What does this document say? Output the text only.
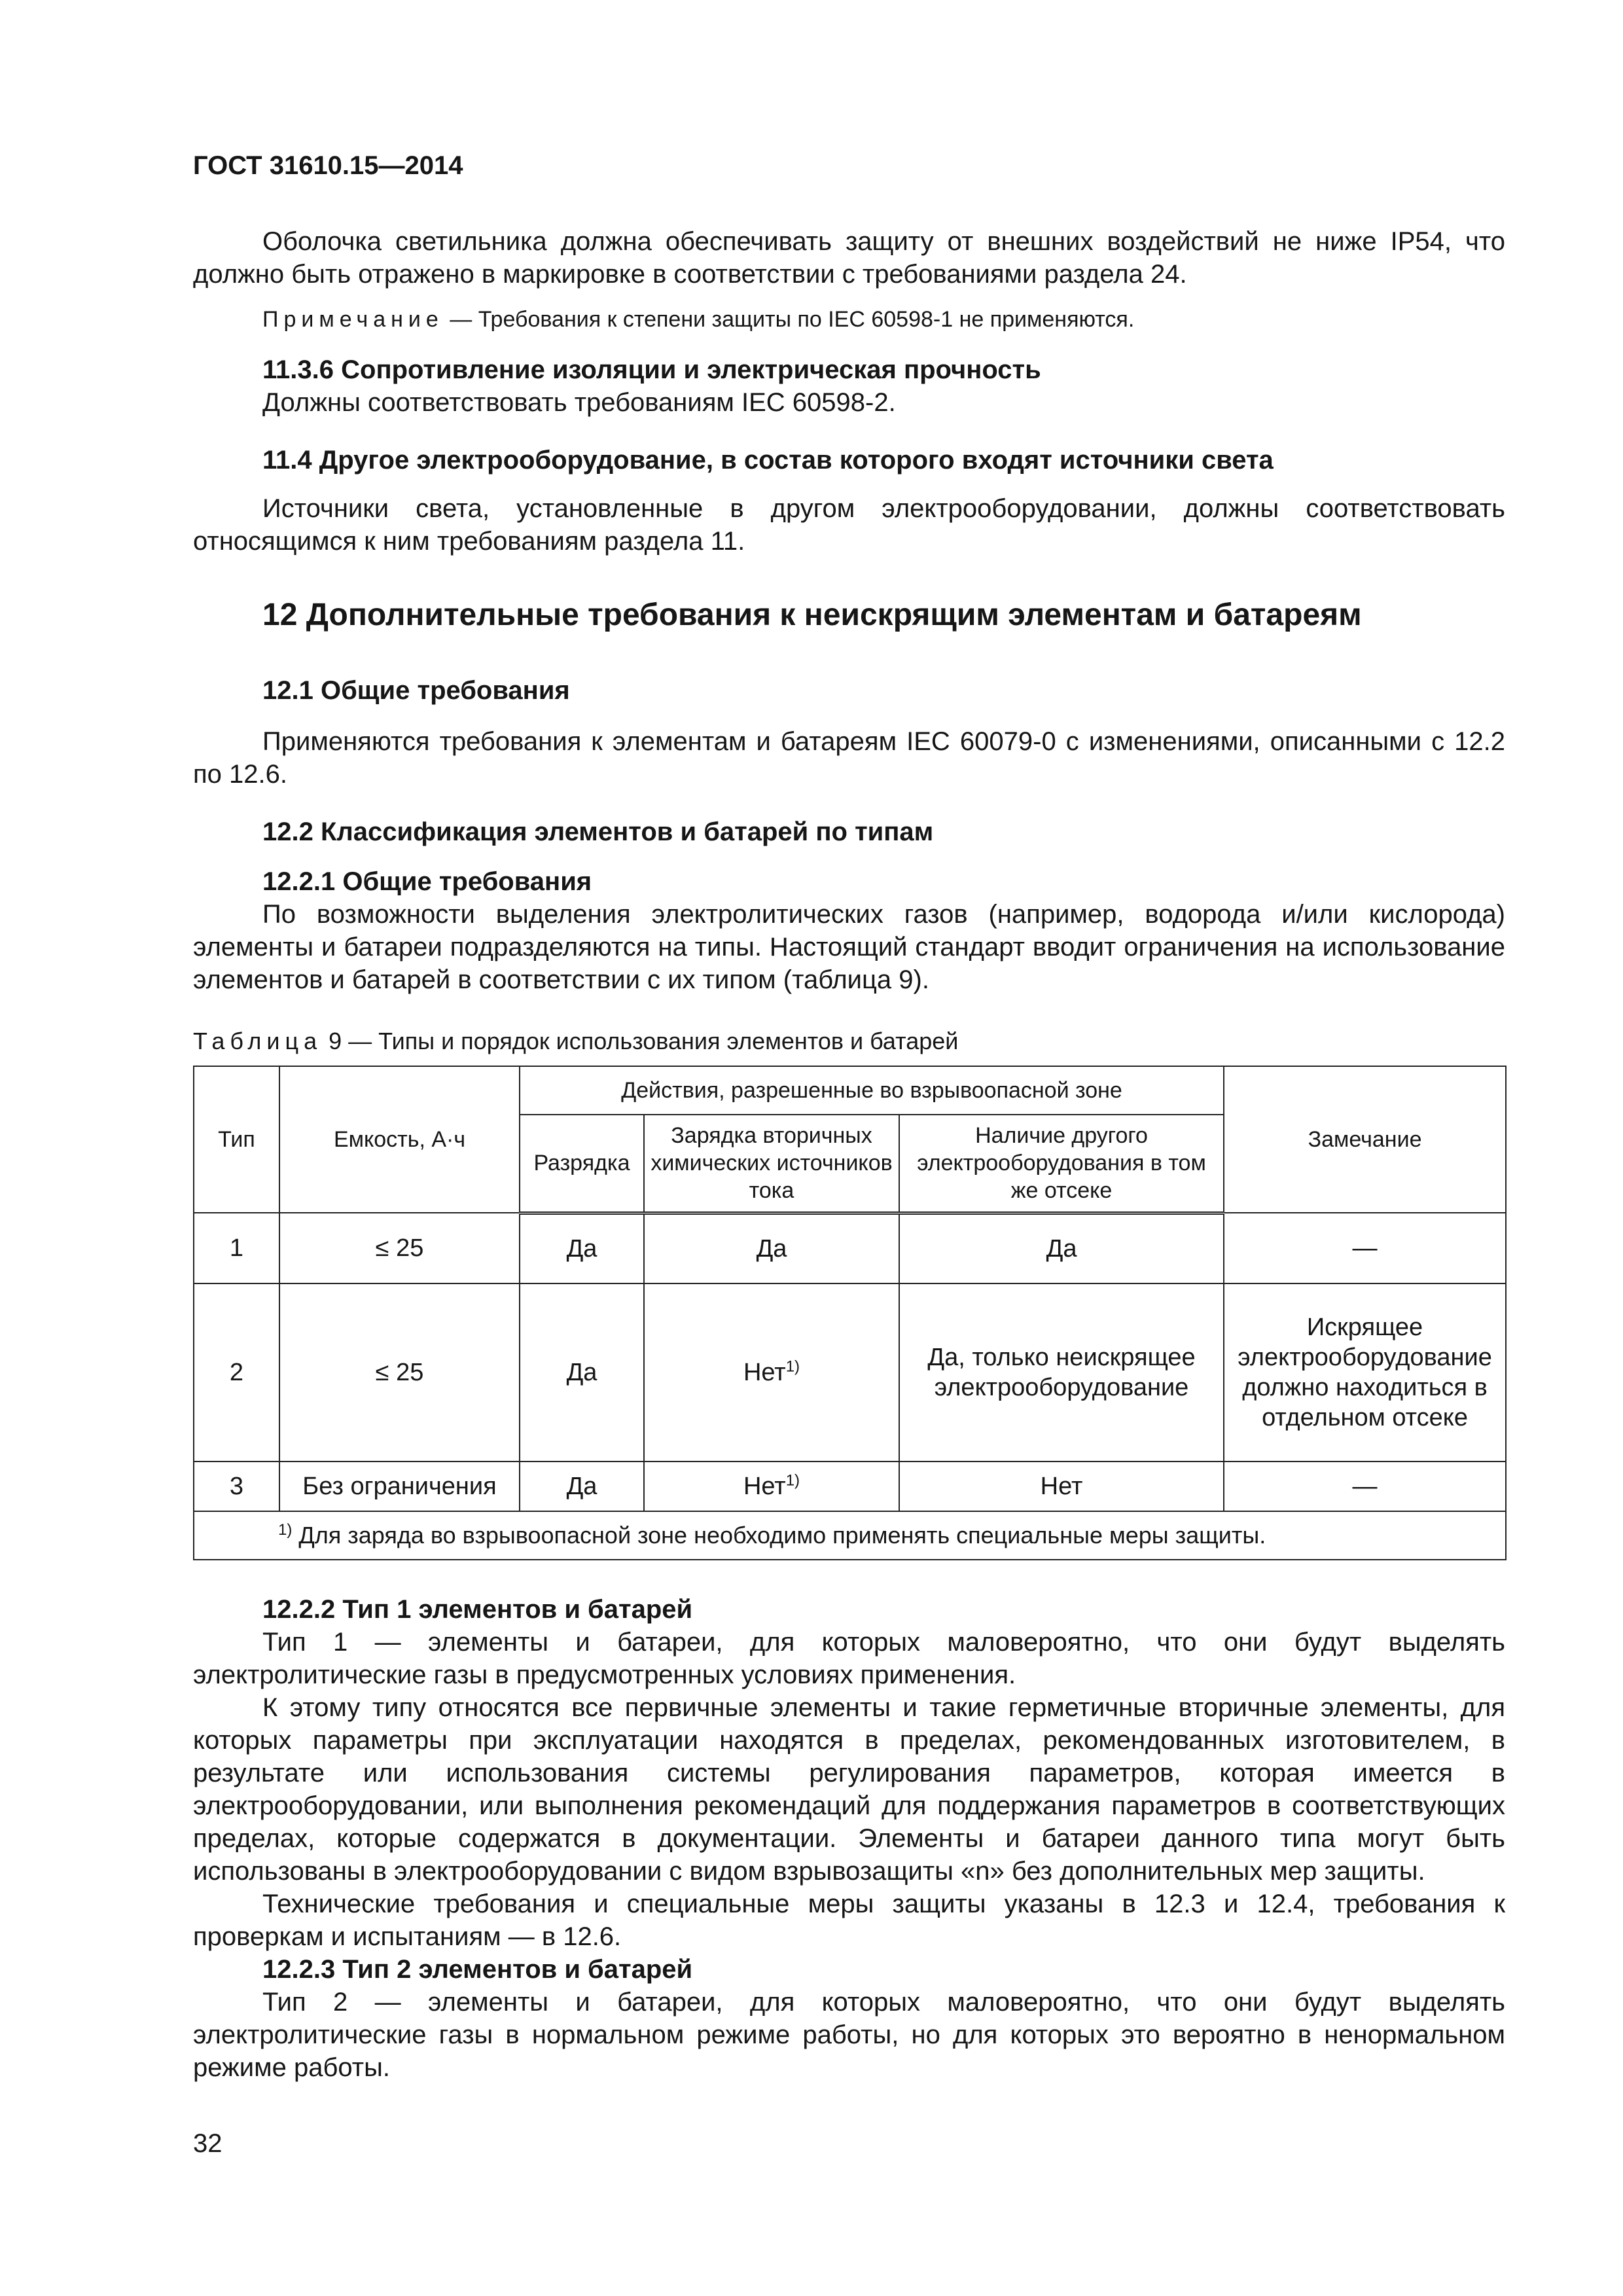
ГОСТ 31610.15—2014
Оболочка светильника должна обеспечивать защиту от внешних воздействий не ниже IP54, что должно быть отражено в маркировке в соответствии с требованиями раздела 24.
Примечание — Требования к степени защиты по IEC 60598-1 не применяются.
11.3.6 Сопротивление изоляции и электрическая прочность
Должны соответствовать требованиям IEC 60598-2.
11.4 Другое электрооборудование, в состав которого входят источники света
Источники света, установленные в другом электрооборудовании, должны соответствовать относящимся к ним требованиям раздела 11.
12 Дополнительные требования к неискрящим элементам и батареям
12.1 Общие требования
Применяются требования к элементам и батареям IEC 60079-0 с изменениями, описанными с 12.2 по 12.6.
12.2 Классификация элементов и батарей по типам
12.2.1 Общие требования
По возможности выделения электролитических газов (например, водорода и/или кислорода) элементы и батареи подразделяются на типы. Настоящий стандарт вводит ограничения на использование элементов и батарей в соответствии с их типом (таблица 9).
Таблица 9 — Типы и порядок использования элементов и батарей
Тип	Емкость, А·ч	Действия, разрешенные во взрывоопасной зоне			Замечание
		Разрядка	Зарядка вторичных химических источников тока	Наличие другого электрооборудования в том же отсеке	
1	≤ 25	Да	Да	Да	—
2	≤ 25	Да	Нет$^{1)}$	Да, только неискрящее электрооборудование	Искрящее электрооборудование должно находиться в отдельном отсеке
3	Без ограничения	Да	Нет$^{1)}$	Нет	—
$^{1)}$ Для заряда во взрывоопасной зоне необходимо применять специальные меры защиты.					
12.2.2 Тип 1 элементов и батарей
Тип 1 — элементы и батареи, для которых маловероятно, что они будут выделять электролитические газы в предусмотренных условиях применения.
К этому типу относятся все первичные элементы и такие герметичные вторичные элементы, для которых параметры при эксплуатации находятся в пределах, рекомендованных изготовителем, в результате или использования системы регулирования параметров, которая имеется в электрооборудовании, или выполнения рекомендаций для поддержания параметров в соответствующих пределах, которые содержатся в документации. Элементы и батареи данного типа могут быть использованы в электрооборудовании с видом взрывозащиты «n» без дополнительных мер защиты.
Технические требования и специальные меры защиты указаны в 12.3 и 12.4, требования к проверкам и испытаниям — в 12.6.
12.2.3 Тип 2 элементов и батарей
Тип 2 — элементы и батареи, для которых маловероятно, что они будут выделять электролитические газы в нормальном режиме работы, но для которых это вероятно в ненормальном режиме работы.
32
